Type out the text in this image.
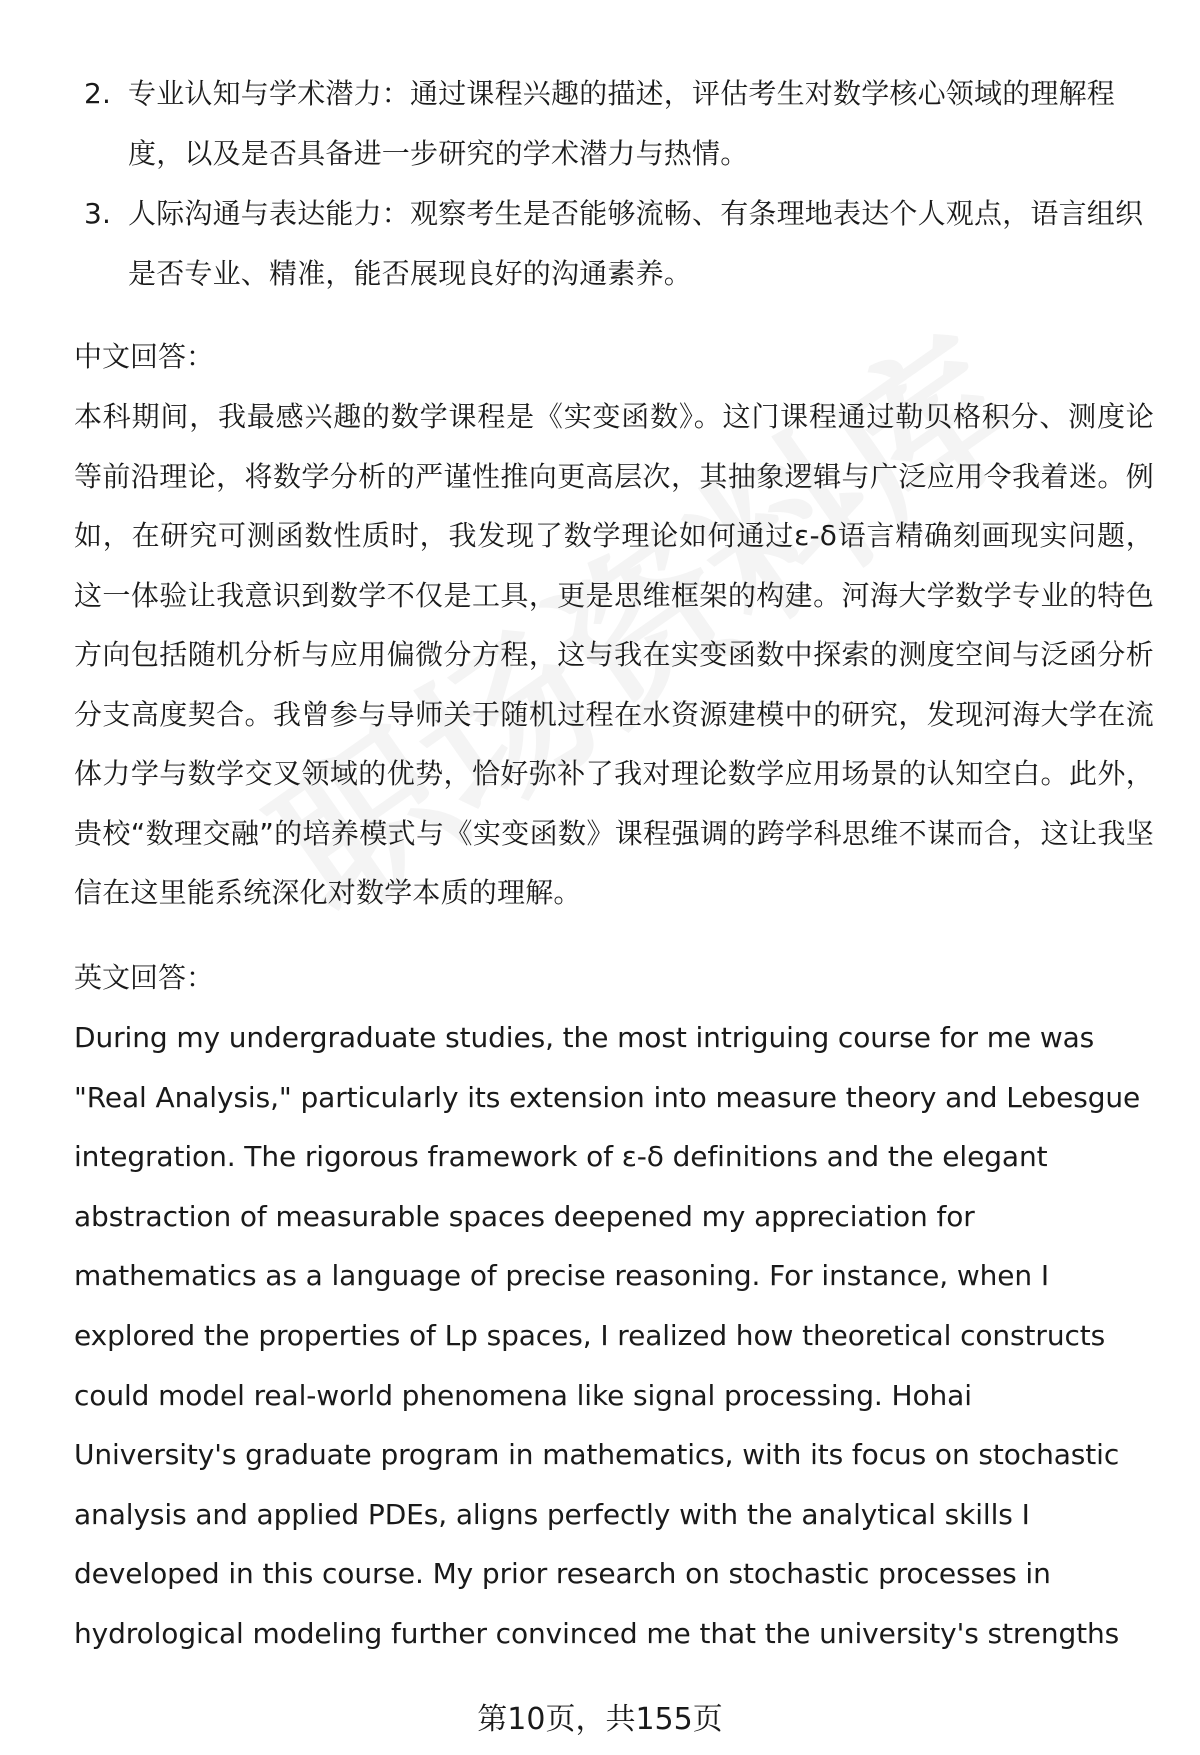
2. 专业认知与学术潜力：通过课程兴趣的描述，评估考生对数学核心领域的理解程度，以及是否具备进一步研究的学术潜力与热情。
3. 人际沟通与表达能力：观察考生是否能够流畅、有条理地表达个人观点，语言组织是否专业、精准，能否展现良好的沟通素养。
中文回答：
本科期间，我最感兴趣的数学课程是《实变函数》。这门课程通过勒贝格积分、测度论等前沿理论，将数学分析的严谨性推向更高层次，其抽象逻辑与广泛应用令我着迷。例如，在研究可测函数性质时，我发现了数学理论如何通过ε-δ语言精确刻画现实问题，这一体验让我意识到数学不仅是工具，更是思维框架的构建。河海大学数学专业的特色方向包括随机分析与应用偏微分方程，这与我在实变函数中探索的测度空间与泛函分析分支高度契合。我曾参与导师关于随机过程在水资源建模中的研究，发现河海大学在流体力学与数学交叉领域的优势，恰好弥补了我对理论数学应用场景的认知空白。此外，贵校“数理交融”的培养模式与《实变函数》课程强调的跨学科思维不谋而合，这让我坚信在这里能系统深化对数学本质的理解。
英文回答：
During my undergraduate studies, the most intriguing course for me was
"Real Analysis," particularly its extension into measure theory and Lebesgue
integration. The rigorous framework of ε-δ definitions and the elegant
abstraction of measurable spaces deepened my appreciation for
mathematics as a language of precise reasoning. For instance, when I
explored the properties of Lp spaces, I realized how theoretical constructs
could model real-world phenomena like signal processing. Hohai
University's graduate program in mathematics, with its focus on stochastic
analysis and applied PDEs, aligns perfectly with the analytical skills I
developed in this course. My prior research on stochastic processes in
hydrological modeling further convinced me that the university's strengths
第10页，共155页
